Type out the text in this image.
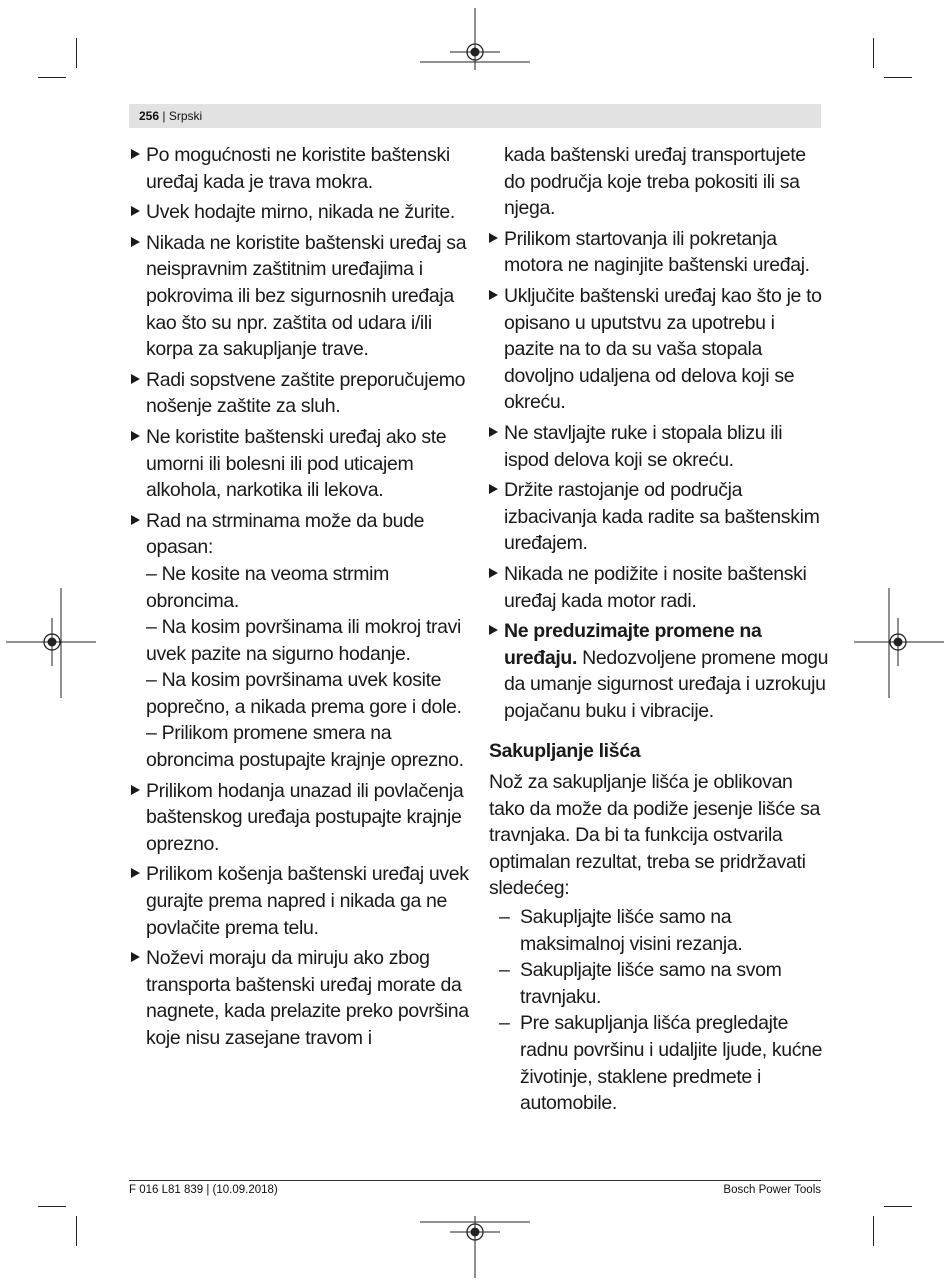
256 | Srpski
Po mogućnosti ne koristite baštenski uređaj kada je trava mokra.
Uvek hodajte mirno, nikada ne žurite.
Nikada ne koristite baštenski uređaj sa neispravnim zaštitnim uređajima i pokrovima ili bez sigurnosnih uređaja kao što su npr. zaštita od udara i/ili korpa za sakupljanje trave.
Radi sopstvene zaštite preporučujemo nošenje zaštite za sluh.
Ne koristite baštenski uređaj ako ste umorni ili bolesni ili pod uticajem alkohola, narkotika ili lekova.
Rad na strminama može da bude opasan:
– Ne kosite na veoma strmim obroncima.
– Na kosim površinama ili mokroj travi uvek pazite na sigurno hodanje.
– Na kosim površinama uvek kosite poprečno, a nikada prema gore i dole.
– Prilikom promene smera na obroncima postupajte krajnje oprezno.
Prilikom hodanja unazad ili povlačenja baštenskog uređaja postupajte krajnje oprezno.
Prilikom košenja baštenski uređaj uvek gurajte prema napred i nikada ga ne povlačite prema telu.
Noževi moraju da miruju ako zbog transporta baštenski uređaj morate da nagnete, kada prelazite preko površina koje nisu zasejane travom i
kada baštenski uređaj transportujete do područja koje treba pokositi ili sa njega.
Prilikom startovanja ili pokretanja motora ne naginjite baštenski uređaj.
Uključite baštenski uređaj kao što je to opisano u uputstvu za upotrebu i pazite na to da su vaša stopala dovoljno udaljena od delova koji se okreću.
Ne stavljajte ruke i stopala blizu ili ispod delova koji se okreću.
Držite rastojanje od područja izbacivanja kada radite sa baštenskim uređajem.
Nikada ne podižite i nosite baštenski uređaj kada motor radi.
Ne preduzimajte promene na uređaju. Nedozvoljene promene mogu da umanje sigurnost uređaja i uzrokuju pojačanu buku i vibracije.
Sakupljanje lišća
Nož za sakupljanje lišća je oblikovan tako da može da podiže jesenje lišće sa travnjaka. Da bi ta funkcija ostvarila optimalan rezultat, treba se pridržavati sledećeg:
– Sakupljajte lišće samo na maksimalnoj visini rezanja.
– Sakupljajte lišće samo na svom travnjaku.
– Pre sakupljanja lišća pregledajte radnu površinu i udaljite ljude, kućne životinje, staklene predmete i automobile.
F 016 L81 839 | (10.09.2018)	Bosch Power Tools
